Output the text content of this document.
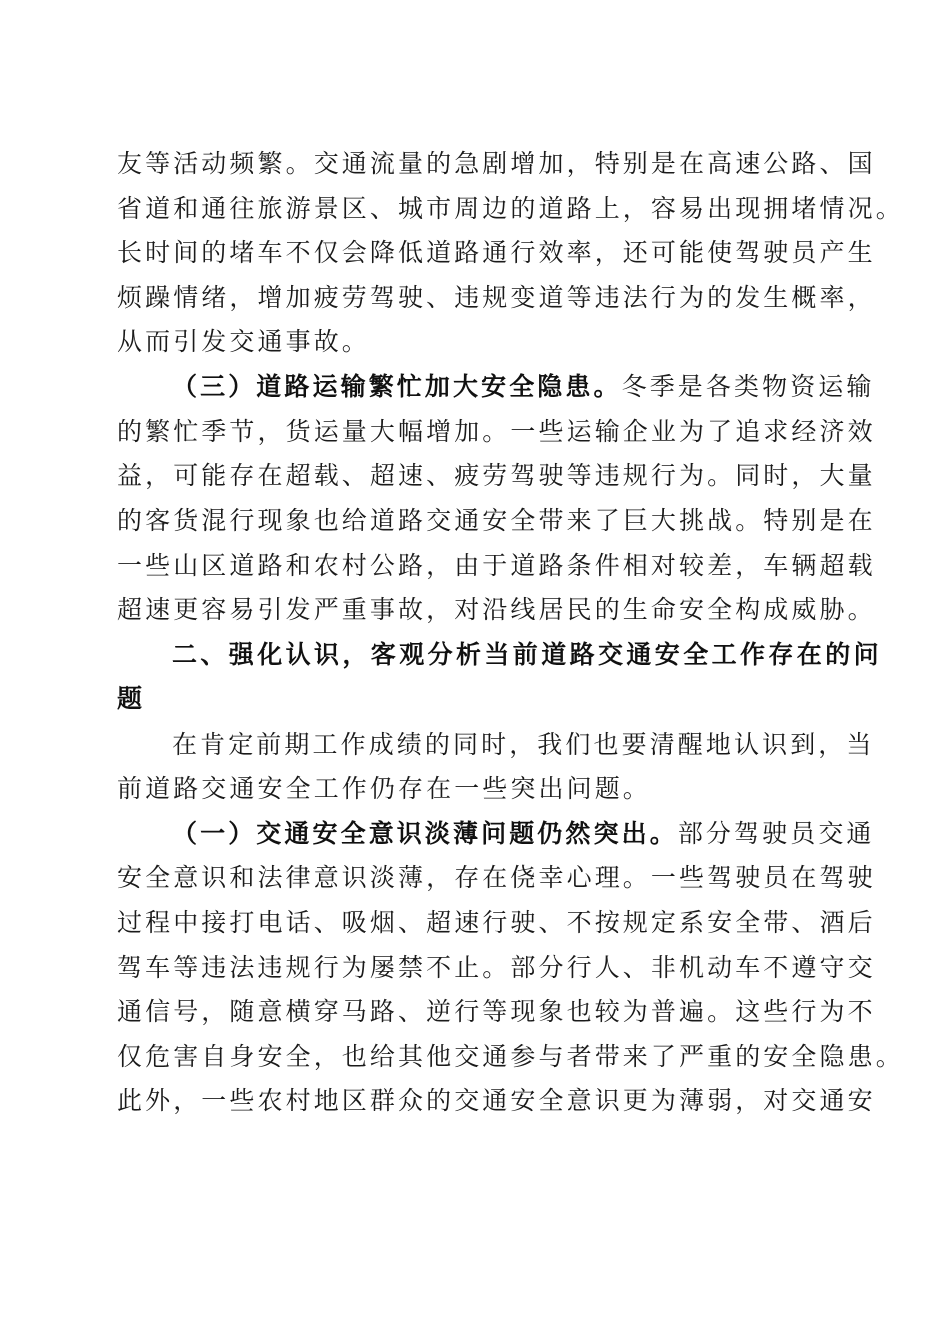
友等活动频繁。交通流量的急剧增加，特别是在高速公路、国
省道和通往旅游景区、城市周边的道路上，容易出现拥堵情况。
长时间的堵车不仅会降低道路通行效率，还可能使驾驶员产生
烦躁情绪，增加疲劳驾驶、违规变道等违法行为的发生概率，
从而引发交通事故。
（三）道路运输繁忙加大安全隐患。冬季是各类物资运输
的繁忙季节，货运量大幅增加。一些运输企业为了追求经济效
益，可能存在超载、超速、疲劳驾驶等违规行为。同时，大量
的客货混行现象也给道路交通安全带来了巨大挑战。特别是在
一些山区道路和农村公路，由于道路条件相对较差，车辆超载
超速更容易引发严重事故，对沿线居民的生命安全构成威胁。
二、强化认识，客观分析当前道路交通安全工作存在的问
题
在肯定前期工作成绩的同时，我们也要清醒地认识到，当
前道路交通安全工作仍存在一些突出问题。
（一）交通安全意识淡薄问题仍然突出。部分驾驶员交通
安全意识和法律意识淡薄，存在侥幸心理。一些驾驶员在驾驶
过程中接打电话、吸烟、超速行驶、不按规定系安全带、酒后
驾车等违法违规行为屡禁不止。部分行人、非机动车不遵守交
通信号，随意横穿马路、逆行等现象也较为普遍。这些行为不
仅危害自身安全，也给其他交通参与者带来了严重的安全隐患。
此外，一些农村地区群众的交通安全意识更为薄弱，对交通安
